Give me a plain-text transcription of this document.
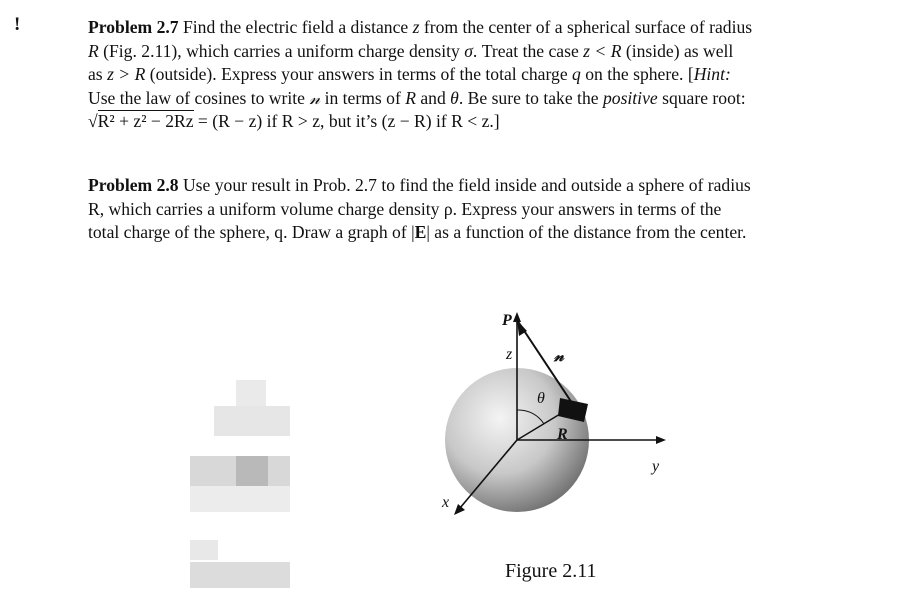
!	Problem 2.7 Find the electric field a distance z from the center of a spherical surface of radius
R (Fig. 2.11), which carries a uniform charge density σ. Treat the case z < R (inside) as well
as z > R (outside). Express your answers in terms of the total charge q on the sphere. [Hint:
Use the law of cosines to write 𝓃 in terms of R and θ. Be sure to take the positive square root:
√R² + z² − 2Rz = (R − z) if R > z, but it’s (z − R) if R < z.]
Problem 2.8 Use your result in Prob. 2.7 to find the field inside and outside a sphere of radius
R, which carries a uniform volume charge density ρ. Express your answers in terms of the
total charge of the sphere, q. Draw a graph of |E| as a function of the distance from the center.
P
z	𝓃
θ
R
x
y
Figure 2.11
